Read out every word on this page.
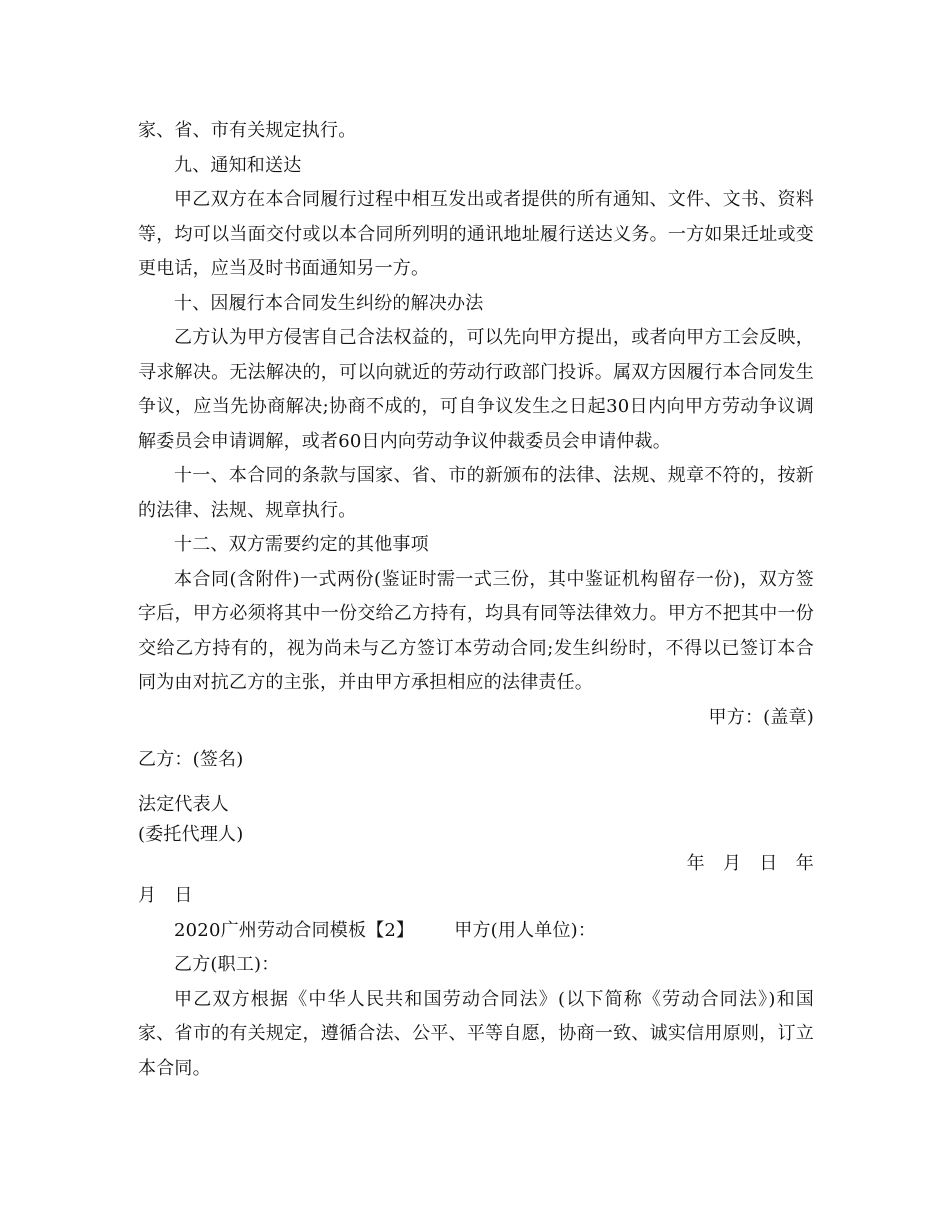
家、省、市有关规定执行。

九、通知和送达

甲乙双方在本合同履行过程中相互发出或者提供的所有通知、文件、文书、资料等，均可以当面交付或以本合同所列明的通讯地址履行送达义务。一方如果迁址或变更电话，应当及时书面通知另一方。

十、因履行本合同发生纠纷的解决办法

乙方认为甲方侵害自己合法权益的，可以先向甲方提出，或者向甲方工会反映，寻求解决。无法解决的，可以向就近的劳动行政部门投诉。属双方因履行本合同发生争议，应当先协商解决;协商不成的，可自争议发生之日起30日内向甲方劳动争议调解委员会申请调解，或者60日内向劳动争议仲裁委员会申请仲裁。

十一、本合同的条款与国家、省、市的新颁布的法律、法规、规章不符的，按新的法律、法规、规章执行。

十二、双方需要约定的其他事项

本合同(含附件)一式两份(鉴证时需一式三份，其中鉴证机构留存一份)，双方签字后，甲方必须将其中一份交给乙方持有，均具有同等法律效力。甲方不把其中一份交给乙方持有的，视为尚未与乙方签订本劳动合同;发生纠纷时，不得以已签订本合同为由对抗乙方的主张，并由甲方承担相应的法律责任。

甲方：(盖章)

乙方：(签名)

法定代表人

(委托代理人)

年　月　日　年

月　日

2020广州劳动合同模板【2】 甲方(用人单位)：

乙方(职工)：

甲乙双方根据《中华人民共和国劳动合同法》(以下简称《劳动合同法》)和国家、省市的有关规定，遵循合法、公平、平等自愿，协商一致、诚实信用原则，订立本合同。
